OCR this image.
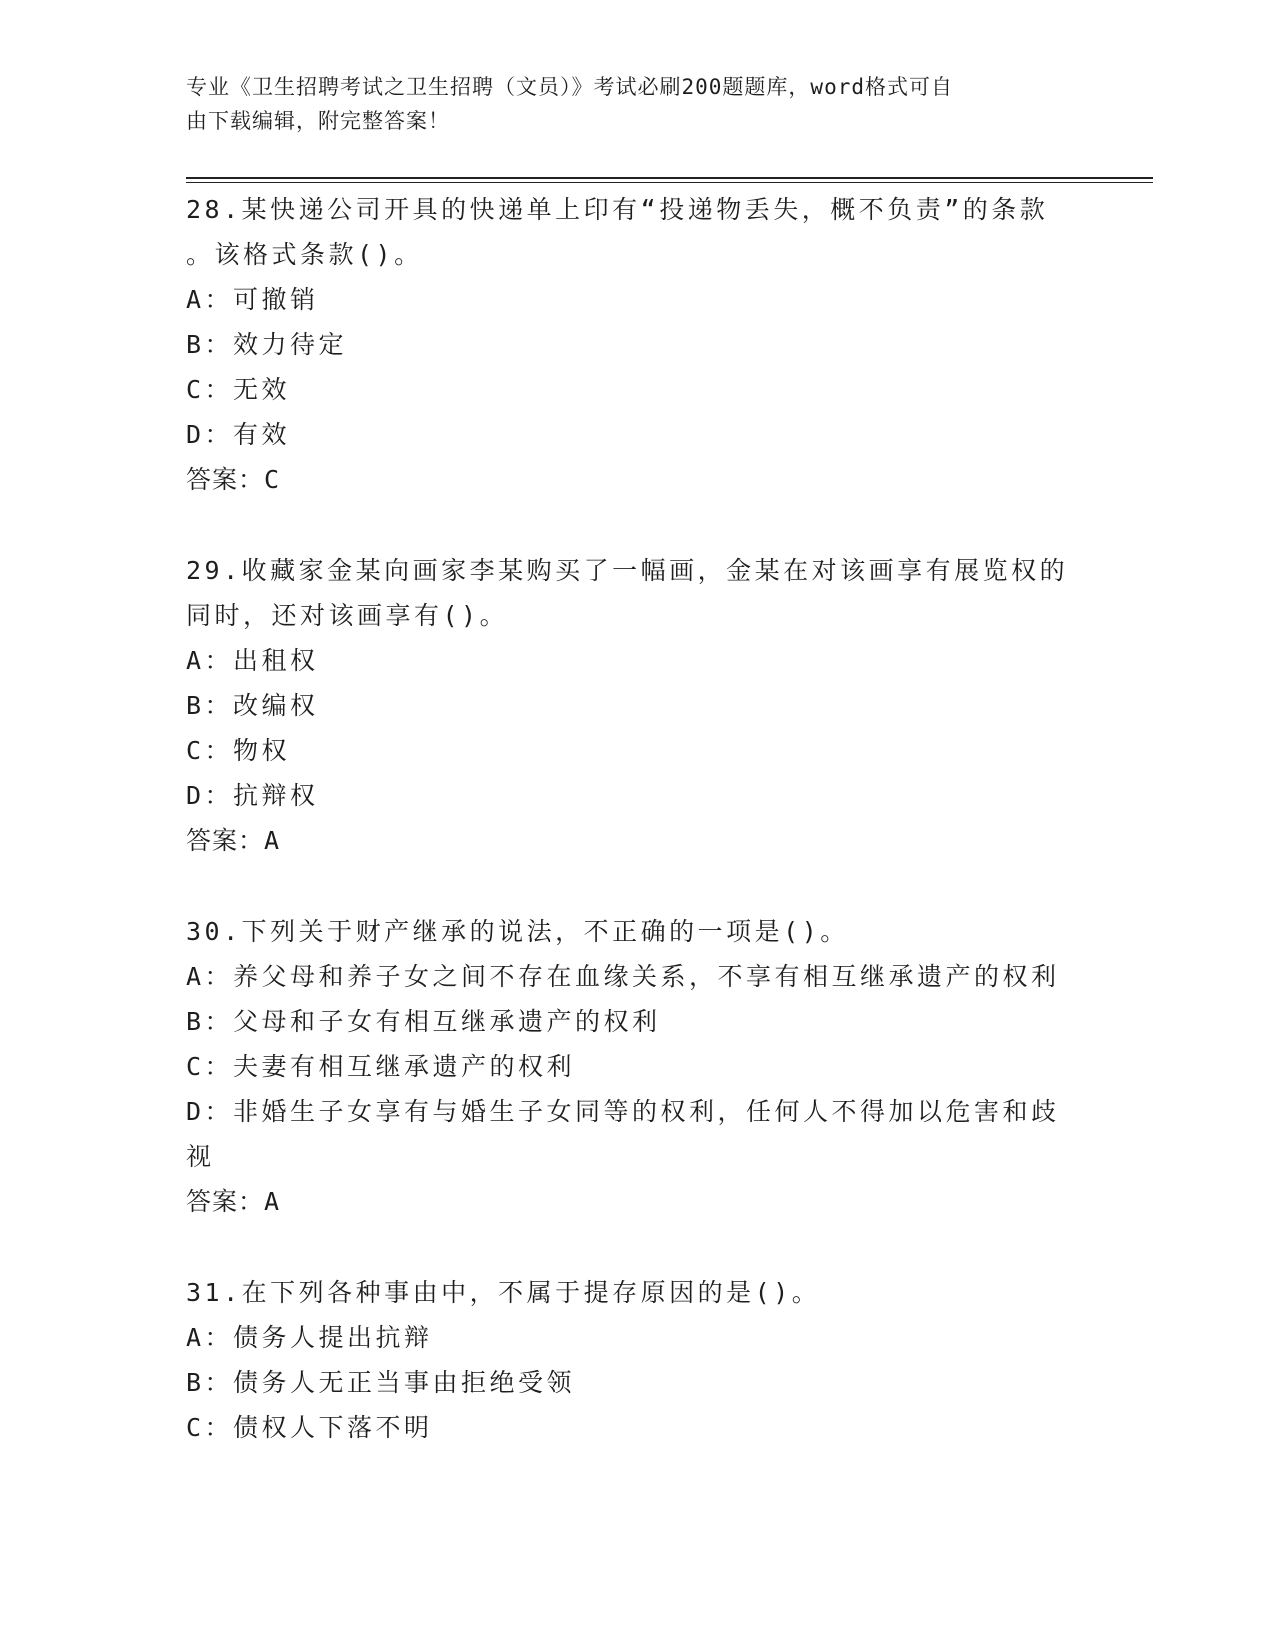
专业《卫生招聘考试之卫生招聘（文员）》考试必刷200题题库，word格式可自
由下载编辑，附完整答案！
28.某快递公司开具的快递单上印有“投递物丢失，概不负责”的条款
。该格式条款()。
A：可撤销
B：效力待定
C：无效
D：有效
答案：C
29.收藏家金某向画家李某购买了一幅画，金某在对该画享有展览权的
同时，还对该画享有()。
A：出租权
B：改编权
C：物权
D：抗辩权
答案：A
30.下列关于财产继承的说法，不正确的一项是()。
A：养父母和养子女之间不存在血缘关系，不享有相互继承遗产的权利
B：父母和子女有相互继承遗产的权利
C：夫妻有相互继承遗产的权利
D：非婚生子女享有与婚生子女同等的权利，任何人不得加以危害和歧
视
答案：A
31.在下列各种事由中，不属于提存原因的是()。
A：债务人提出抗辩
B：债务人无正当事由拒绝受领
C：债权人下落不明
